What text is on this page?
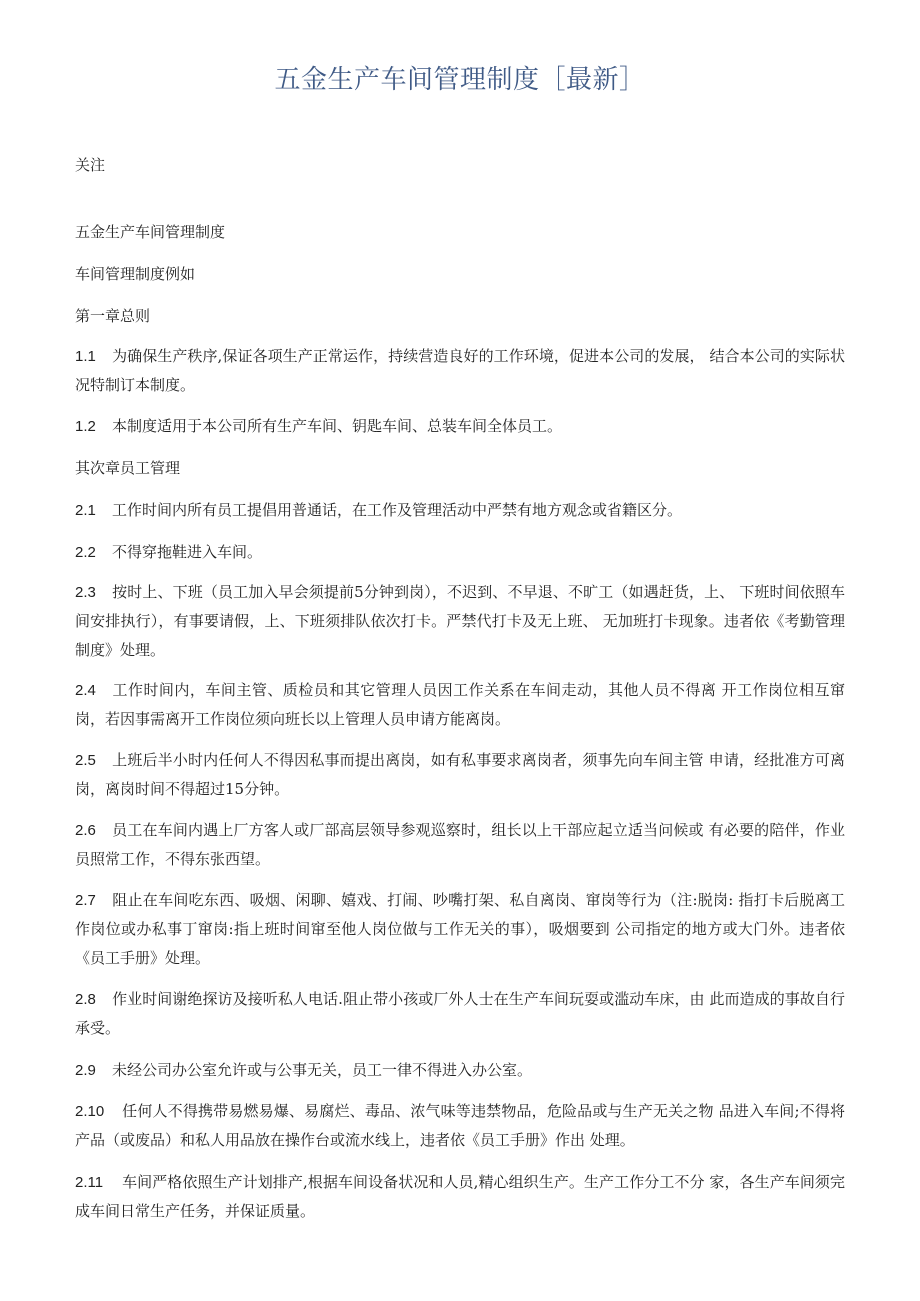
五金生产车间管理制度［最新］
关注
五金生产车间管理制度
车间管理制度例如
第一章总则
1.1 为确保生产秩序,保证各项生产正常运作，持续营造良好的工作环境，促进本公司的发展， 结合本公司的实际状况特制订本制度。
1.2 本制度适用于本公司所有生产车间、钥匙车间、总装车间全体员工。
其次章员工管理
2.1 工作时间内所有员工提倡用普通话，在工作及管理活动中严禁有地方观念或省籍区分。
2.2 不得穿拖鞋进入车间。
2.3 按时上、下班（员工加入早会须提前5分钟到岗），不迟到、不早退、不旷工（如遇赶货，上、 下班时间依照车间安排执行），有事要请假，上、下班须排队依次打卡。严禁代打卡及无上班、 无加班打卡现象。违者依《考勤管理制度》处理。
2.4 工作时间内，车间主管、质检员和其它管理人员因工作关系在车间走动，其他人员不得离 开工作岗位相互窜岗，若因事需离开工作岗位须向班长以上管理人员申请方能离岗。
2.5 上班后半小时内任何人不得因私事而提出离岗，如有私事要求离岗者，须事先向车间主管 申请，经批准方可离岗，离岗时间不得超过15分钟。
2.6 员工在车间内遇上厂方客人或厂部高层领导参观巡察时，组长以上干部应起立适当问候或 有必要的陪伴，作业员照常工作，不得东张西望。
2.7 阻止在车间吃东西、吸烟、闲聊、嬉戏、打闹、吵嘴打架、私自离岗、窜岗等行为（注:脱岗: 指打卡后脱离工作岗位或办私事丁窜岗:指上班时间窜至他人岗位做与工作无关的事），吸烟要到 公司指定的地方或大门外。违者依《员工手册》处理。
2.8 作业时间谢绝探访及接听私人电话.阻止带小孩或厂外人士在生产车间玩耍或滥动车床，由 此而造成的事故自行承受。
2.9 未经公司办公室允许或与公事无关，员工一律不得进入办公室。
2.10 任何人不得携带易燃易爆、易腐烂、毒品、浓气味等违禁物品，危险品或与生产无关之物 品进入车间;不得将产品（或废品）和私人用品放在操作台或流水线上，违者依《员工手册》作出 处理。
2.11 车间严格依照生产计划排产,根据车间设备状况和人员,精心组织生产。生产工作分工不分 家，各生产车间须完成车间日常生产任务，并保证质量。
